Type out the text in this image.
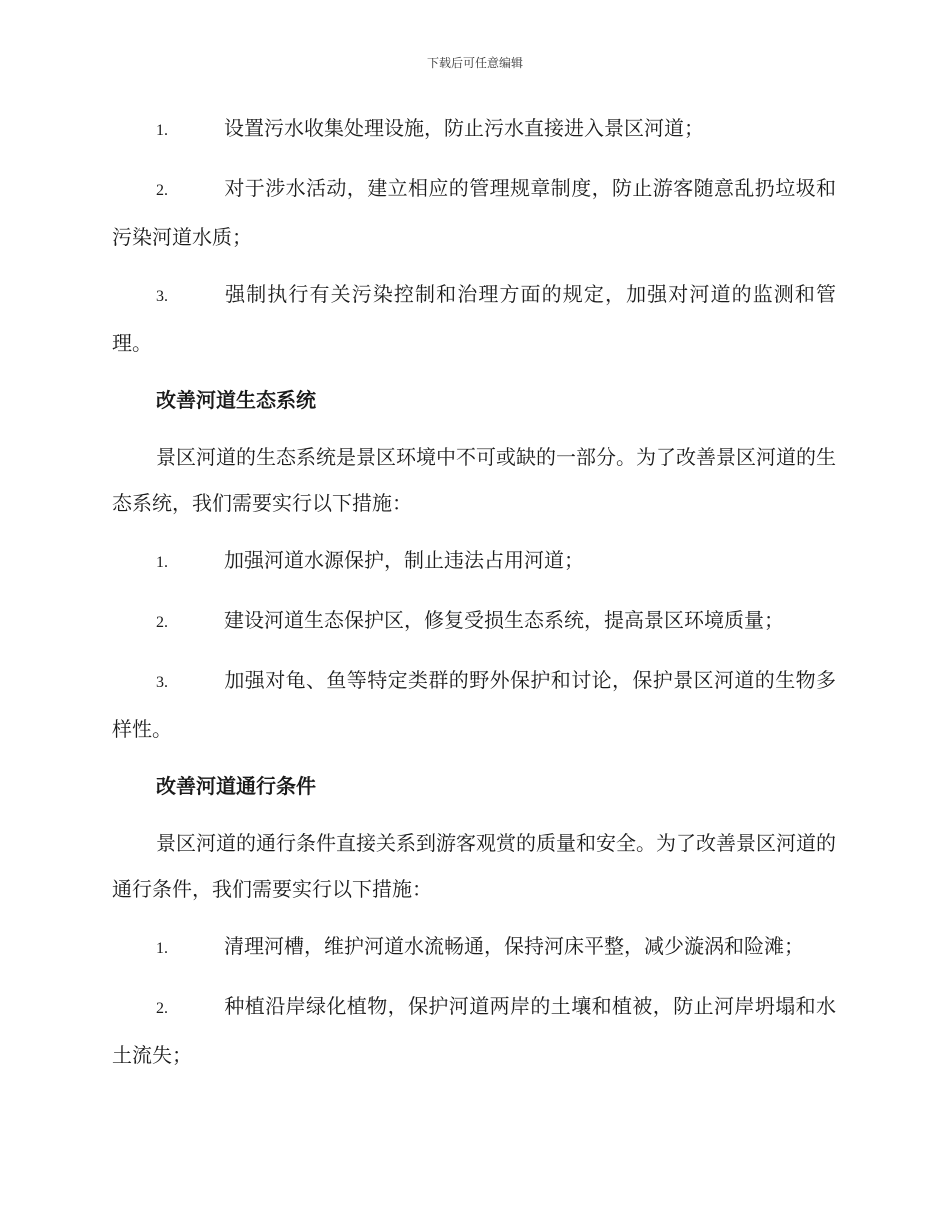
下载后可任意编辑
1.	设置污水收集处理设施，防止污水直接进入景区河道；
2.	对于涉水活动，建立相应的管理规章制度，防止游客随意乱扔垃圾和污染河道水质；
3.	强制执行有关污染控制和治理方面的规定，加强对河道的监测和管理。
改善河道生态系统
景区河道的生态系统是景区环境中不可或缺的一部分。为了改善景区河道的生态系统，我们需要实行以下措施：
1.	加强河道水源保护，制止违法占用河道；
2.	建设河道生态保护区，修复受损生态系统，提高景区环境质量；
3.	加强对龟、鱼等特定类群的野外保护和讨论，保护景区河道的生物多样性。
改善河道通行条件
景区河道的通行条件直接关系到游客观赏的质量和安全。为了改善景区河道的通行条件，我们需要实行以下措施：
1.	清理河槽，维护河道水流畅通，保持河床平整，减少漩涡和险滩；
2.	种植沿岸绿化植物，保护河道两岸的土壤和植被，防止河岸坍塌和水土流失；
